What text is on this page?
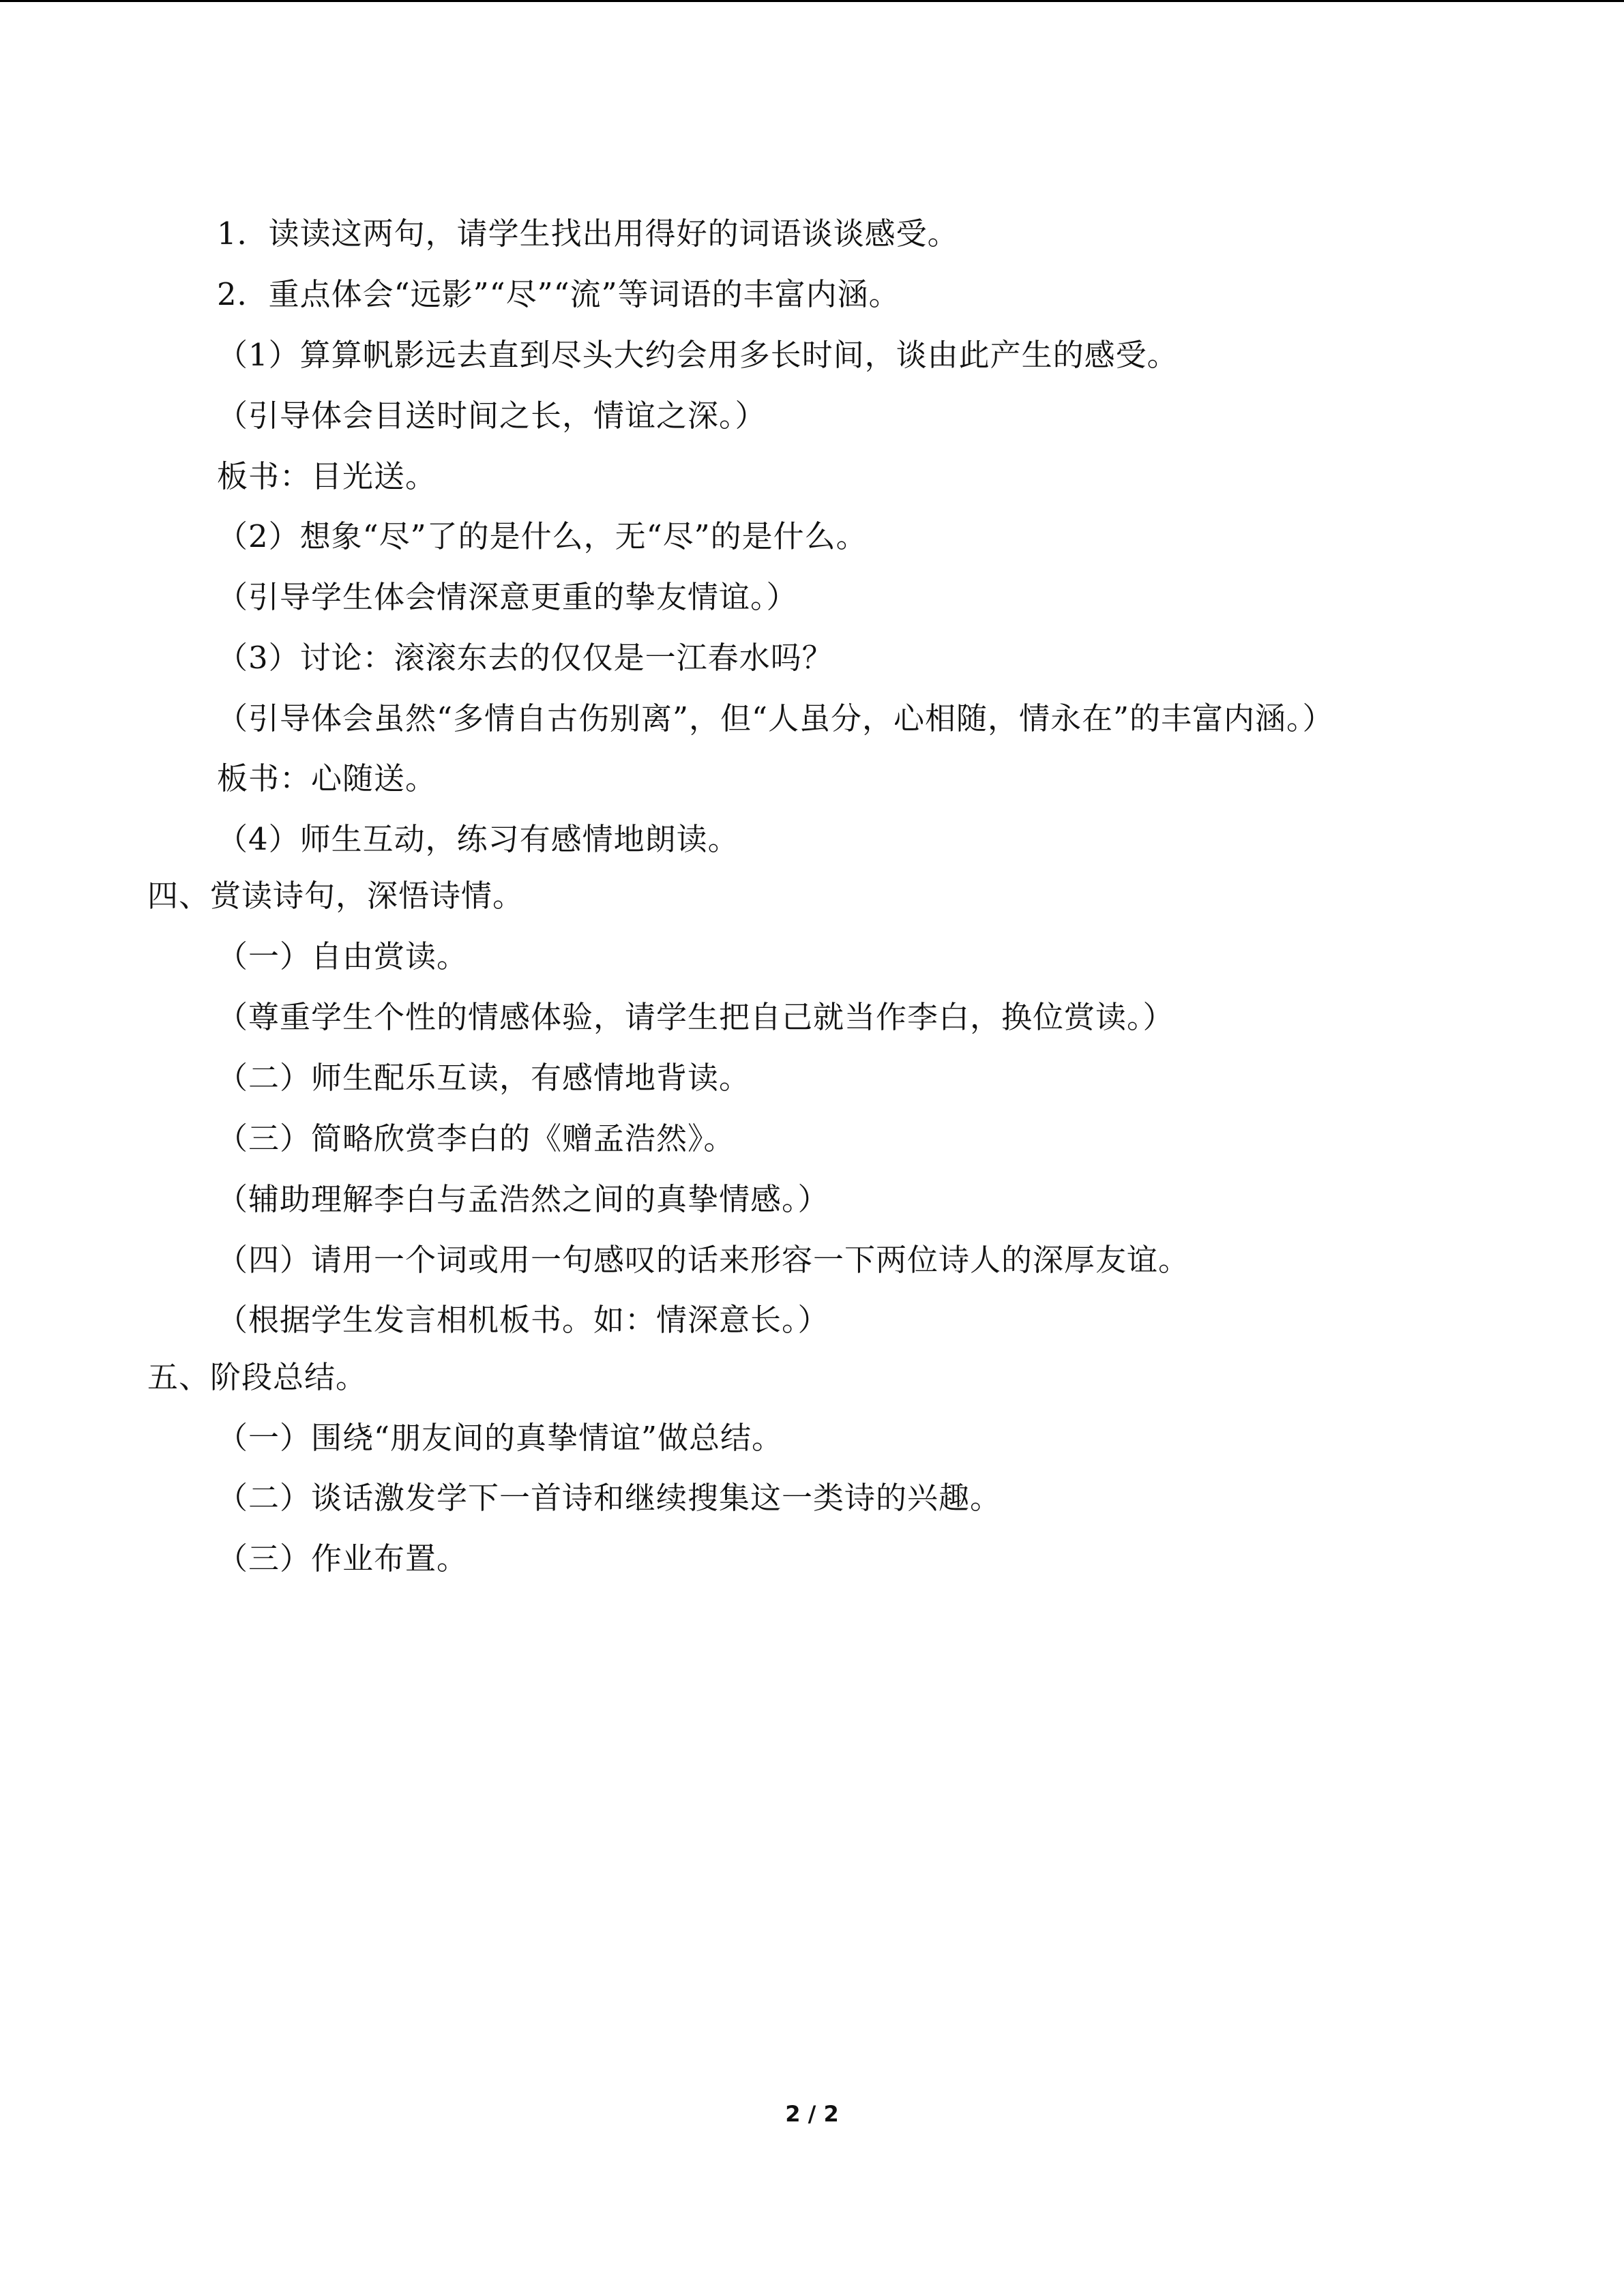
1．读读这两句，请学生找出用得好的词语谈谈感受。
2．重点体会“远影”“尽”“流”等词语的丰富内涵。
（1）算算帆影远去直到尽头大约会用多长时间，谈由此产生的感受。
（引导体会目送时间之长，情谊之深。）
板书：目光送。
（2）想象“尽”了的是什么，无“尽”的是什么。
（引导学生体会情深意更重的挚友情谊。）
（3）讨论：滚滚东去的仅仅是一江春水吗？
（引导体会虽然“多情自古伤别离”，但“人虽分，心相随，情永在”的丰富内涵。）
板书：心随送。
（4）师生互动，练习有感情地朗读。
四、赏读诗句，深悟诗情。
（一）自由赏读。
（尊重学生个性的情感体验，请学生把自己就当作李白，换位赏读。）
（二）师生配乐互读，有感情地背读。
（三）简略欣赏李白的《赠孟浩然》。
（辅助理解李白与孟浩然之间的真挚情感。）
（四）请用一个词或用一句感叹的话来形容一下两位诗人的深厚友谊。
（根据学生发言相机板书。如：情深意长。）
五、阶段总结。
（一）围绕“朋友间的真挚情谊”做总结。
（二）谈话激发学下一首诗和继续搜集这一类诗的兴趣。
（三）作业布置。
2 / 2
